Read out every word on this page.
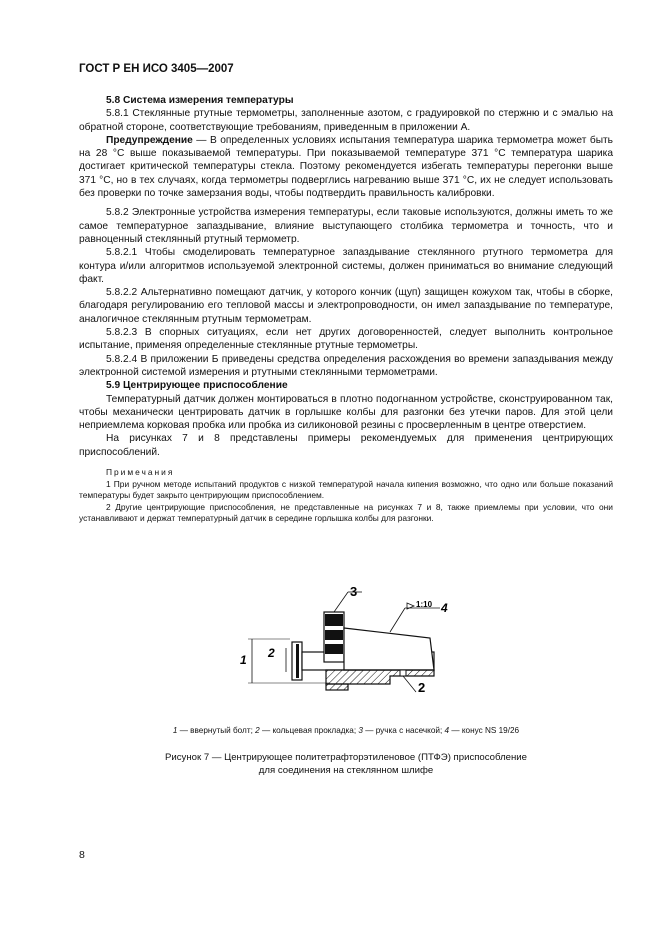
ГОСТ Р ЕН ИСО 3405—2007
5.8 Система измерения температуры

5.8.1 Стеклянные ртутные термометры, заполненные азотом, с градуировкой по стержню и с эмалью на обратной стороне, соответствующие требованиям, приведенным в приложении А.

Предупреждение — В определенных условиях испытания температура шарика термометра может быть на 28 °С выше показываемой температуры. При показываемой температуре 371 °С температура шарика достигает критической температуры стекла. Поэтому рекомендуется избегать температуры перегонки выше 371 °С, но в тех случаях, когда термометры подверглись нагреванию выше 371 °С, их не следует использовать без проверки по точке замерзания воды, чтобы подтвердить правильность калибровки.

5.8.2 Электронные устройства измерения температуры, если таковые используются, должны иметь то же самое температурное запаздывание, влияние выступающего столбика термометра и точность, что и равноценный стеклянный ртутный термометр.

5.8.2.1 Чтобы смоделировать температурное запаздывание стеклянного ртутного термометра для контура и/или алгоритмов используемой электронной системы, должен приниматься во внимание следующий факт.

5.8.2.2 Альтернативно помещают датчик, у которого кончик (щуп) защищен кожухом так, чтобы в сборке, благодаря регулированию его тепловой массы и электропроводности, он имел запаздывание по температуре, аналогичное стеклянным ртутным термометрам.

5.8.2.3 В спорных ситуациях, если нет других договоренностей, следует выполнить контрольное испытание, применяя определенные стеклянные ртутные термометры.

5.8.2.4 В приложении Б приведены средства определения расхождения во времени запаздывания между электронной системой измерения и ртутными стеклянными термометрами.

5.9 Центрирующее приспособление

Температурный датчик должен монтироваться в плотно подогнанном устройстве, сконструированном так, чтобы механически центрировать датчик в горлышке колбы для разгонки без утечки паров. Для этой цели неприемлема корковая пробка или пробка из силиконовой резины с просверленным в центре отверстием.

На рисунках 7 и 8 представлены примеры рекомендуемых для применения центрирующих приспособлений.

Примечания

1 При ручном методе испытаний продуктов с низкой температурой начала кипения возможно, что одно или больше показаний температуры будет закрыто центрирующим приспособлением.

2 Другие центрирующие приспособления, не представленные на рисунках 7 и 8, также приемлемы при условии, что они устанавливают и держат температурный датчик в середине горлышка колбы для разгонки.

1 2
3
1:10 4
2
1 — ввернутый болт; 2 — кольцевая прокладка; 3 — ручка с насечкой; 4 — конус NS 19/26
Рисунок 7 — Центрирующее политетрафторэтиленовое (ПТФЭ) приспособление
для соединения на стеклянном шлифе
8
